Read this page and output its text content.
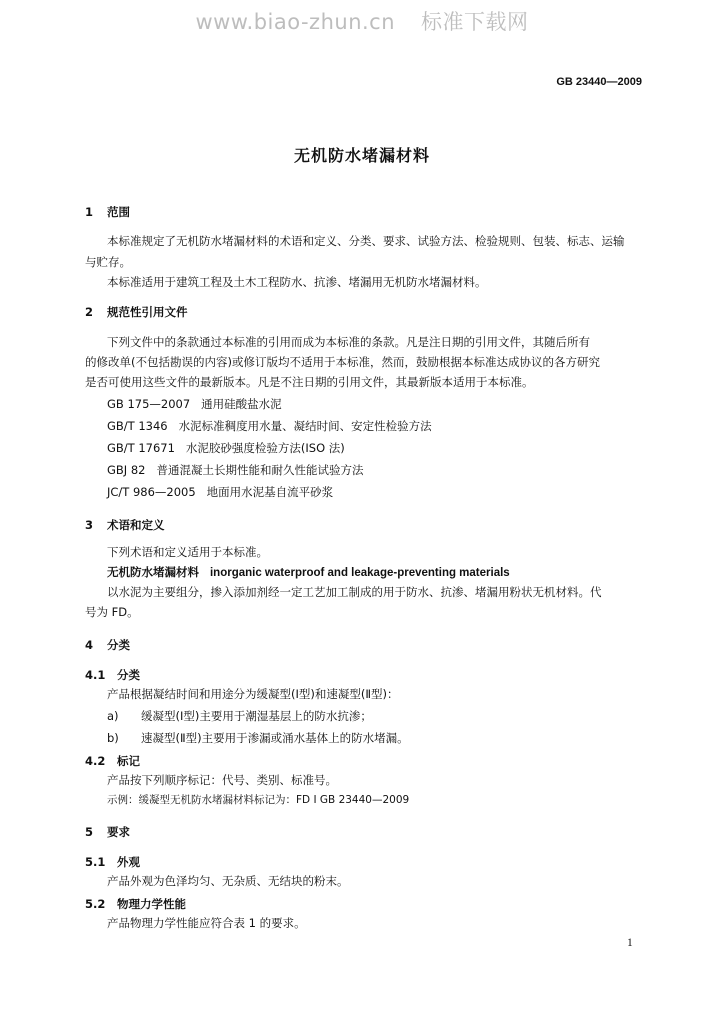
www.biao-zhun.cn 标准下载网
GB 23440—2009
无机防水堵漏材料
1 范围
本标准规定了无机防水堵漏材料的术语和定义、分类、要求、试验方法、检验规则、包装、标志、运输
与贮存。
本标准适用于建筑工程及土木工程防水、抗渗、堵漏用无机防水堵漏材料。
2 规范性引用文件
下列文件中的条款通过本标准的引用而成为本标准的条款。凡是注日期的引用文件，其随后所有
的修改单(不包括勘误的内容)或修订版均不适用于本标准，然而，鼓励根据本标准达成协议的各方研究
是否可使用这些文件的最新版本。凡是不注日期的引用文件，其最新版本适用于本标准。
GB 175—2007 通用硅酸盐水泥
GB/T 1346 水泥标准稠度用水量、凝结时间、安定性检验方法
GB/T 17671 水泥胶砂强度检验方法(ISO 法)
GBJ 82 普通混凝土长期性能和耐久性能试验方法
JC/T 986—2005 地面用水泥基自流平砂浆
3 术语和定义
下列术语和定义适用于本标准。
无机防水堵漏材料 inorganic waterproof and leakage-preventing materials
以水泥为主要组分，掺入添加剂经一定工艺加工制成的用于防水、抗渗、堵漏用粉状无机材料。代
号为 FD。
4 分类
4.1 分类
产品根据凝结时间和用途分为缓凝型(Ⅰ型)和速凝型(Ⅱ型)：
a) 缓凝型(Ⅰ型)主要用于潮湿基层上的防水抗渗；
b) 速凝型(Ⅱ型)主要用于渗漏或涌水基体上的防水堵漏。
4.2 标记
产品按下列顺序标记：代号、类别、标准号。
示例：缓凝型无机防水堵漏材料标记为：FD Ⅰ GB 23440—2009
5 要求
5.1 外观
产品外观为色泽均匀、无杂质、无结块的粉末。
5.2 物理力学性能
产品物理力学性能应符合表 1 的要求。
1
